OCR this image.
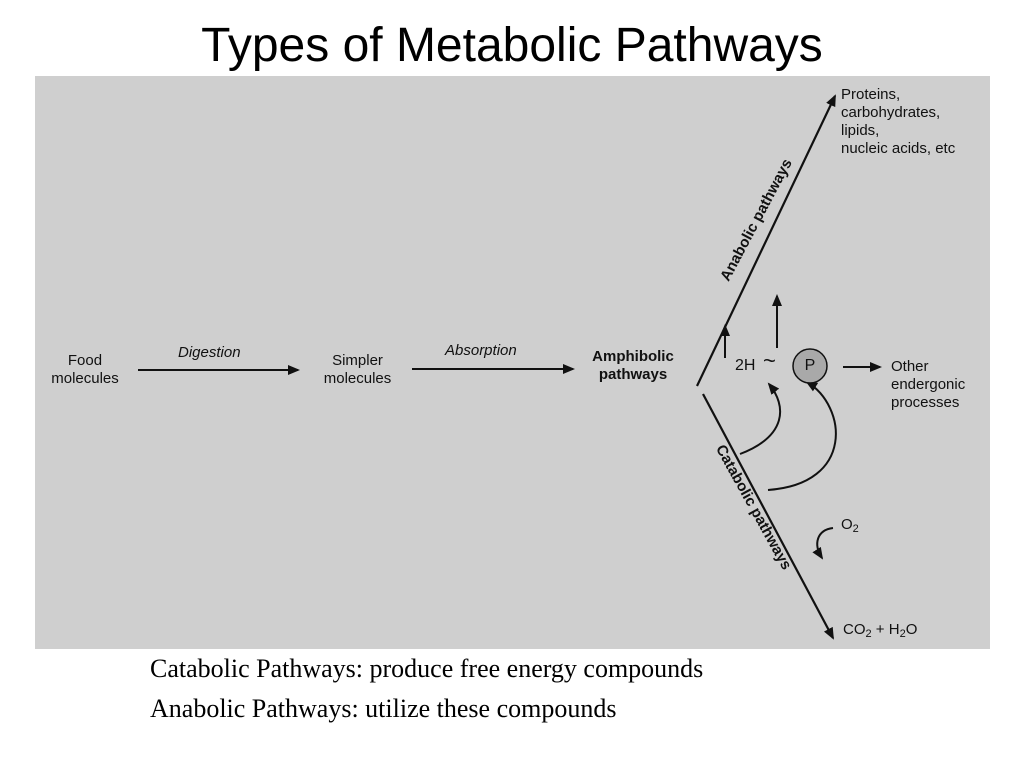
Types of Metabolic Pathways
Food
molecules
Digestion	Simpler
molecules
Absorption	Amphibolic
pathways
Proteins,
carbohydrates,
lipids,
nucleic acids, etc
Anabolic pathways
Catabolic pathways
2H ~ P	Other
endergonic
processes
$O_2$
$CO_2 + H_2O$
Catabolic Pathways: produce free energy compounds
Anabolic Pathways: utilize these compounds
